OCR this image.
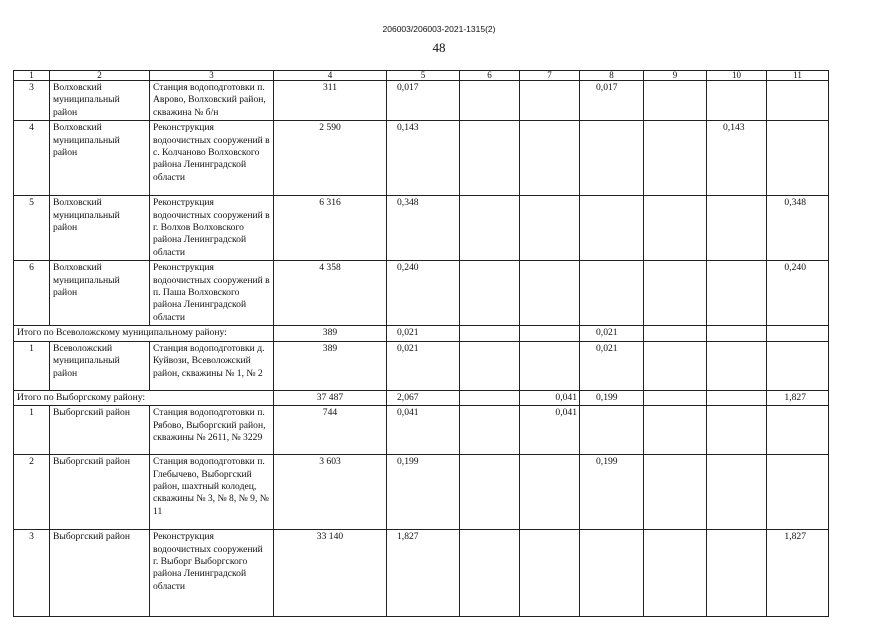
206003/206003-2021-1315(2)
48
1	2	3	4	5	6	7	8	9	10	11
3	Волховский муниципальный район	Станция водоподготовки п. Аврово, Волховский район, скважина № б/н	311	0,017			0,017			
4	Волховский муниципальный район	Реконструкция водоочистных сооружений в с. Колчаново Волховского района Ленинградской области	2 590	0,143					0,143	
5	Волховский муниципальный район	Реконструкция водоочистных сооружений в г. Волхов Волховского района Ленинградской области	6 316	0,348						0,348
6	Волховский муниципальный район	Реконструкция водоочистных сооружений в п. Паша Волховского района Ленинградской области	4 358	0,240						0,240
Итого по Всеволожскому муниципальному району:			389	0,021			0,021			
1	Всеволожский муниципальный район	Станция водоподготовки д. Куйвози, Всеволожский район, скважины № 1, № 2	389	0,021			0,021			
Итого по Выборгскому району:			37 487	2,067		0,041	0,199			1,827
1	Выборгский район	Станция водоподготовки п. Рябово, Выборгский район, скважины № 2611, № 3229	744	0,041		0,041				
2	Выборгский район	Станция водоподготовки п. Глебычево, Выборгский район, шахтный колодец, скважины № 3, № 8, № 9, № 11	3 603	0,199			0,199			
3	Выборгский район	Реконструкция водоочистных сооружений г. Выборг Выборгского района Ленинградской области	33 140	1,827						1,827
